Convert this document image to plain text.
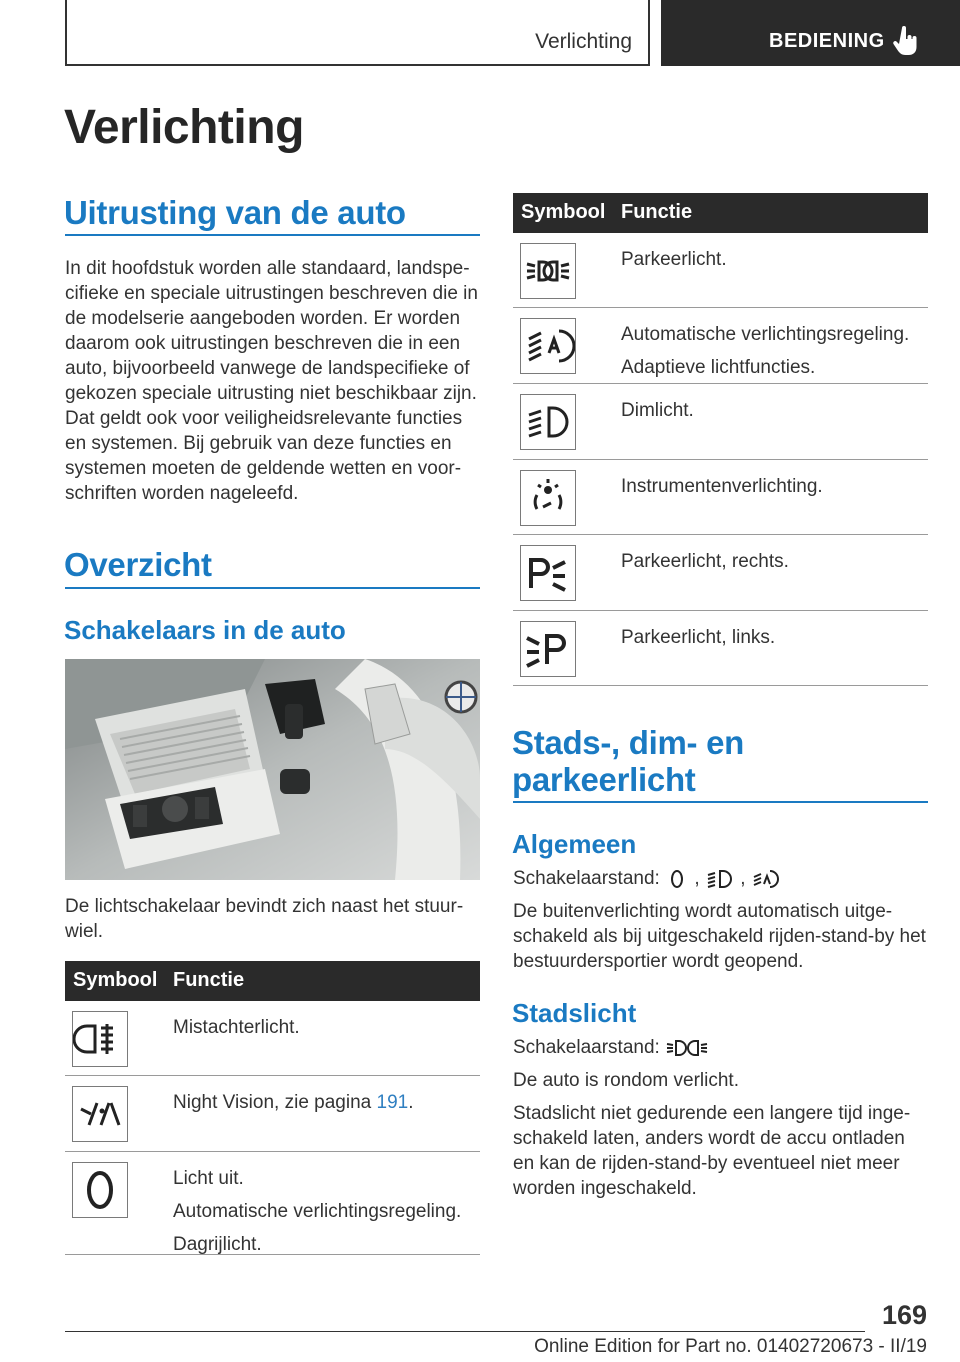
Verlichting	BEDIENING
Verlichting
Uitrusting van de auto
In dit hoofdstuk worden alle standaard, landspe-
cifieke en speciale uitrustingen beschreven die in
de modelserie aangeboden worden. Er worden
daarom ook uitrustingen beschreven die in een
auto, bijvoorbeeld vanwege de landspecifieke of
gekozen speciale uitrusting niet beschikbaar zijn.
Dat geldt ook voor veiligheidsrelevante functies
en systemen. Bij gebruik van deze functies en
systemen moeten de geldende wetten en voor-
schriften worden nageleefd.
Overzicht
Schakelaars in de auto
De lichtschakelaar bevindt zich naast het stuur-
wiel.
Symbool Functie
Mistachterlicht.
Night Vision, zie pagina 191.
Licht uit.
Automatische verlichtingsregeling.
Dagrijlicht.
Symbool Functie
Parkeerlicht.
Automatische verlichtingsregeling.
Adaptieve lichtfuncties.
Dimlicht.
Instrumentenverlichting.
Parkeerlicht, rechts.
Parkeerlicht, links.
Stads-, dim- en
parkeerlicht
Algemeen
Schakelaarstand: , ,
De buitenverlichting wordt automatisch uitge-
schakeld als bij uitgeschakeld rijden-stand-by het
bestuurdersportier wordt geopend.
Stadslicht
Schakelaarstand:
De auto is rondom verlicht.
Stadslicht niet gedurende een langere tijd inge-
schakeld laten, anders wordt de accu ontladen
en kan de rijden-stand-by eventueel niet meer
worden ingeschakeld.
169
Online Edition for Part no. 01402720673 - II/19
